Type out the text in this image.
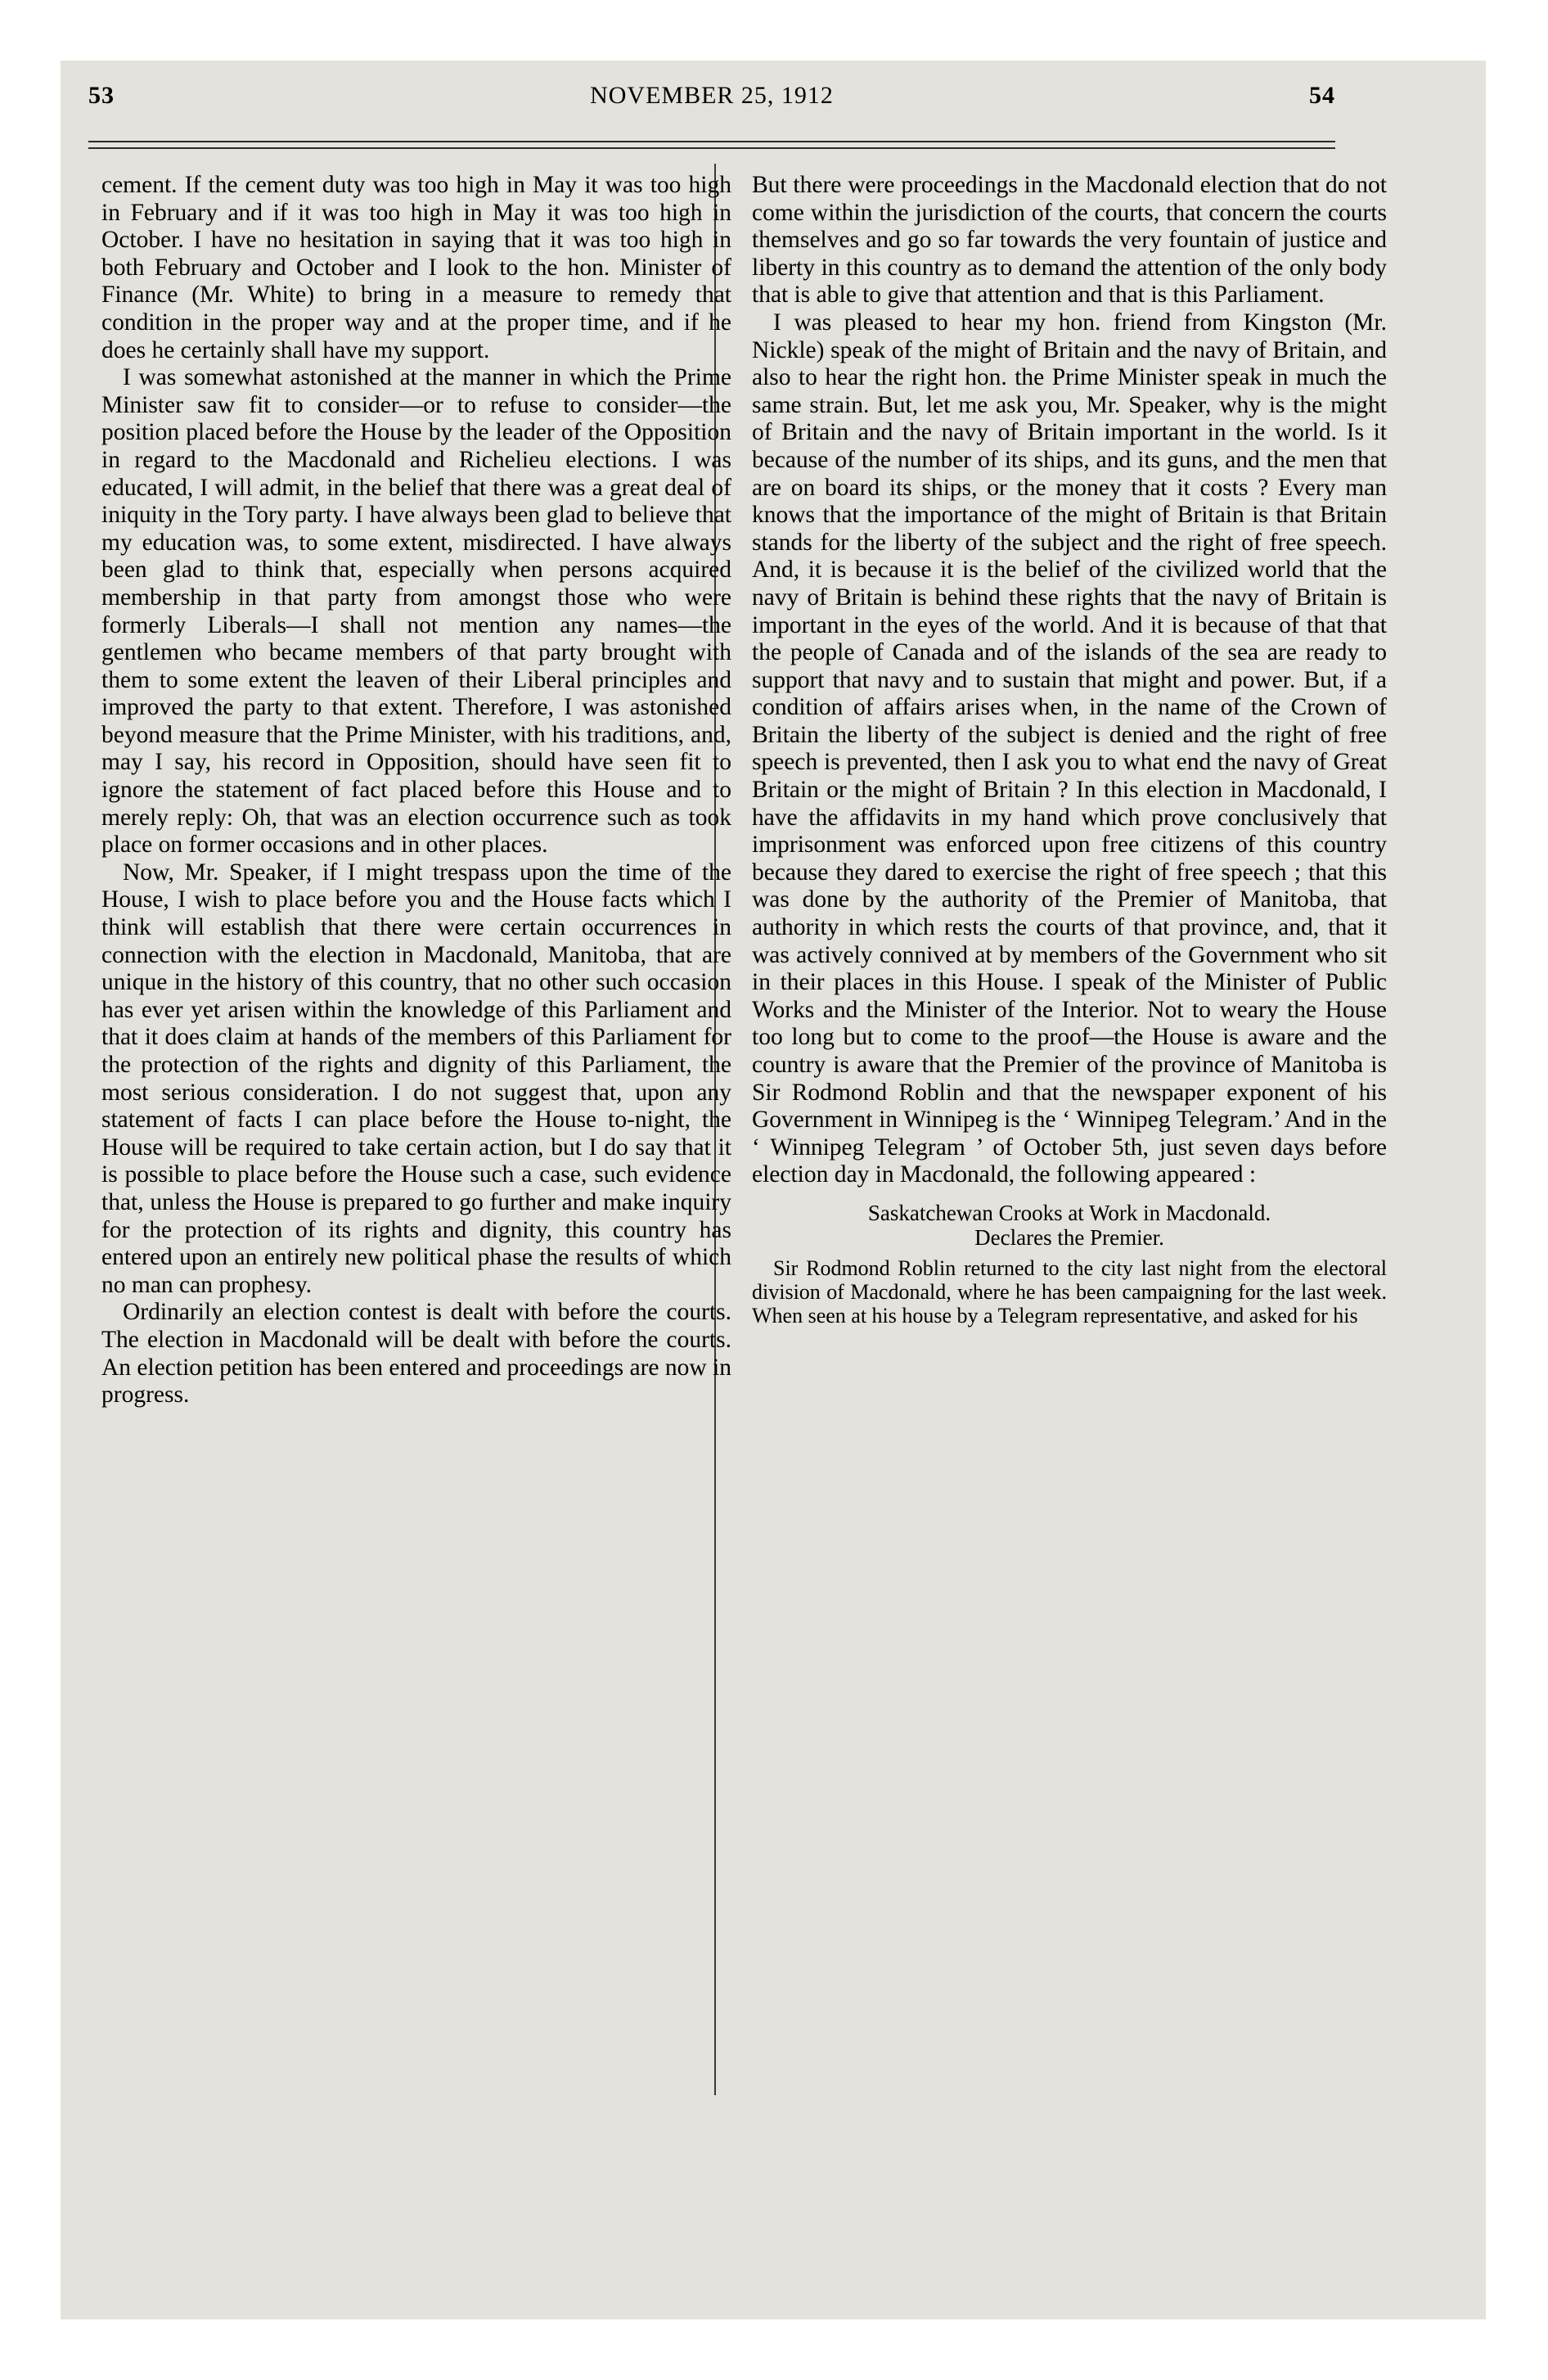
53	NOVEMBER 25, 1912	54

cement. If the cement duty was too high in May it was too high in February and if it was too high in May it was too high in October. I have no hesitation in saying that it was too high in both February and October and I look to the hon. Minister of Finance (Mr. White) to bring in a measure to remedy that condition in the proper way and at the proper time, and if he does he certainly shall have my support.

I was somewhat astonished at the manner in which the Prime Minister saw fit to consider—or to refuse to consider—the position placed before the House by the leader of the Opposition in regard to the Macdonald and Richelieu elections. I was educated, I will admit, in the belief that there was a great deal of iniquity in the Tory party. I have always been glad to believe that my education was, to some extent, misdirected. I have always been glad to think that, especially when persons acquired membership in that party from amongst those who were formerly Liberals—I shall not mention any names—the gentlemen who became members of that party brought with them to some extent the leaven of their Liberal principles and improved the party to that extent. Therefore, I was astonished beyond measure that the Prime Minister, with his traditions, and, may I say, his record in Opposition, should have seen fit to ignore the statement of fact placed before this House and to merely reply: Oh, that was an election occurrence such as took place on former occasions and in other places.

Now, Mr. Speaker, if I might trespass upon the time of the House, I wish to place before you and the House facts which I think will establish that there were certain occurrences in connection with the election in Macdonald, Manitoba, that are unique in the history of this country, that no other such occasion has ever yet arisen within the knowledge of this Parliament and that it does claim at hands of the members of this Parliament for the protection of the rights and dignity of this Parliament, the most serious consideration. I do not suggest that, upon any statement of facts I can place before the House to-night, the House will be required to take certain action, but I do say that it is possible to place before the House such a case, such evidence that, unless the House is prepared to go further and make inquiry for the protection of its rights and dignity, this country has entered upon an entirely new political phase the results of which no man can prophesy.

Ordinarily an election contest is dealt with before the courts. The election in Macdonald will be dealt with before the courts. An election petition has been entered and proceedings are now in progress.

But there were proceedings in the Macdonald election that do not come within the jurisdiction of the courts, that concern the courts themselves and go so far towards the very fountain of justice and liberty in this country as to demand the attention of the only body that is able to give that attention and that is this Parliament.

I was pleased to hear my hon. friend from Kingston (Mr. Nickle) speak of the might of Britain and the navy of Britain, and also to hear the right hon. the Prime Minister speak in much the same strain. But, let me ask you, Mr. Speaker, why is the might of Britain and the navy of Britain important in the world. Is it because of the number of its ships, and its guns, and the men that are on board its ships, or the money that it costs ? Every man knows that the importance of the might of Britain is that Britain stands for the liberty of the subject and the right of free speech. And, it is because it is the belief of the civilized world that the navy of Britain is behind these rights that the navy of Britain is important in the eyes of the world. And it is because of that that the people of Canada and of the islands of the sea are ready to support that navy and to sustain that might and power. But, if a condition of affairs arises when, in the name of the Crown of Britain the liberty of the subject is denied and the right of free speech is prevented, then I ask you to what end the navy of Great Britain or the might of Britain ? In this election in Macdonald, I have the affidavits in my hand which prove conclusively that imprisonment was enforced upon free citizens of this country because they dared to exercise the right of free speech ; that this was done by the authority of the Premier of Manitoba, that authority in which rests the courts of that province, and, that it was actively connived at by members of the Government who sit in their places in this House. I speak of the Minister of Public Works and the Minister of the Interior. Not to weary the House too long but to come to the proof—the House is aware and the country is aware that the Premier of the province of Manitoba is Sir Rodmond Roblin and that the newspaper exponent of his Government in Winnipeg is the ‘ Winnipeg Telegram.’ And in the ‘ Winnipeg Telegram ’ of October 5th, just seven days before election day in Macdonald, the following appeared :

Saskatchewan Crooks at Work in Macdonald.

Declares the Premier.

Sir Rodmond Roblin returned to the city last night from the electoral division of Macdonald, where he has been campaigning for the last week. When seen at his house by a Telegram representative, and asked for his
